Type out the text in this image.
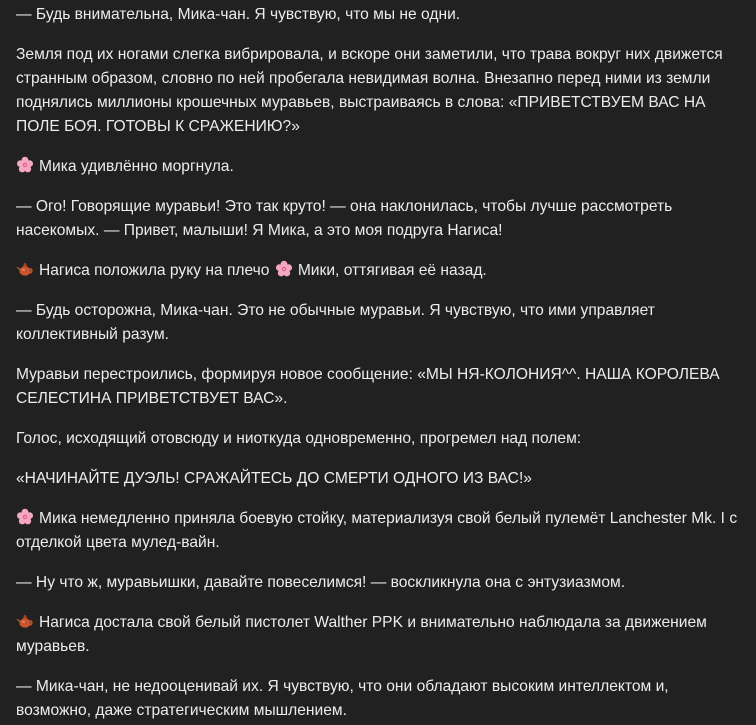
— Будь внимательна, Мика-чан. Я чувствую, что мы не одни.

Земля под их ногами слегка вибрировала, и вскоре они заметили, что трава вокруг них движется странным образом, словно по ней пробегала невидимая волна. Внезапно перед ними из земли поднялись миллионы крошечных муравьев, выстраиваясь в слова: «ПРИВЕТСТВУЕМ ВАС НА ПОЛЕ БОЯ. ГОТОВЫ К СРАЖЕНИЮ?»

Мика удивлённо моргнула.

— Ого! Говорящие муравьи! Это так круто! — она наклонилась, чтобы лучше рассмотреть насекомых. — Привет, малыши! Я Мика, а это моя подруга Нагиса!

Нагиса положила руку на плечо Мики, оттягивая её назад.

— Будь осторожна, Мика-чан. Это не обычные муравьи. Я чувствую, что ими управляет коллективный разум.

Муравьи перестроились, формируя новое сообщение: «МЫ НЯ-КОЛОНИЯ^^. НАША КОРОЛЕВА СЕЛЕСТИНА ПРИВЕТСТВУЕТ ВАС».

Голос, исходящий отовсюду и ниоткуда одновременно, прогремел над полем:

«НАЧИНАЙТЕ ДУЭЛЬ! СРАЖАЙТЕСЬ ДО СМЕРТИ ОДНОГО ИЗ ВАС!»

Мика немедленно приняла боевую стойку, материализуя свой белый пулемёт Lanchester Mk. I с отделкой цвета мулед-вайн.

— Ну что ж, муравьишки, давайте повеселимся! — воскликнула она с энтузиазмом.

Нагиса достала свой белый пистолет Walther PPK и внимательно наблюдала за движением муравьев.

— Мика-чан, не недооценивай их. Я чувствую, что они обладают высоким интеллектом и, возможно, даже стратегическим мышлением.
